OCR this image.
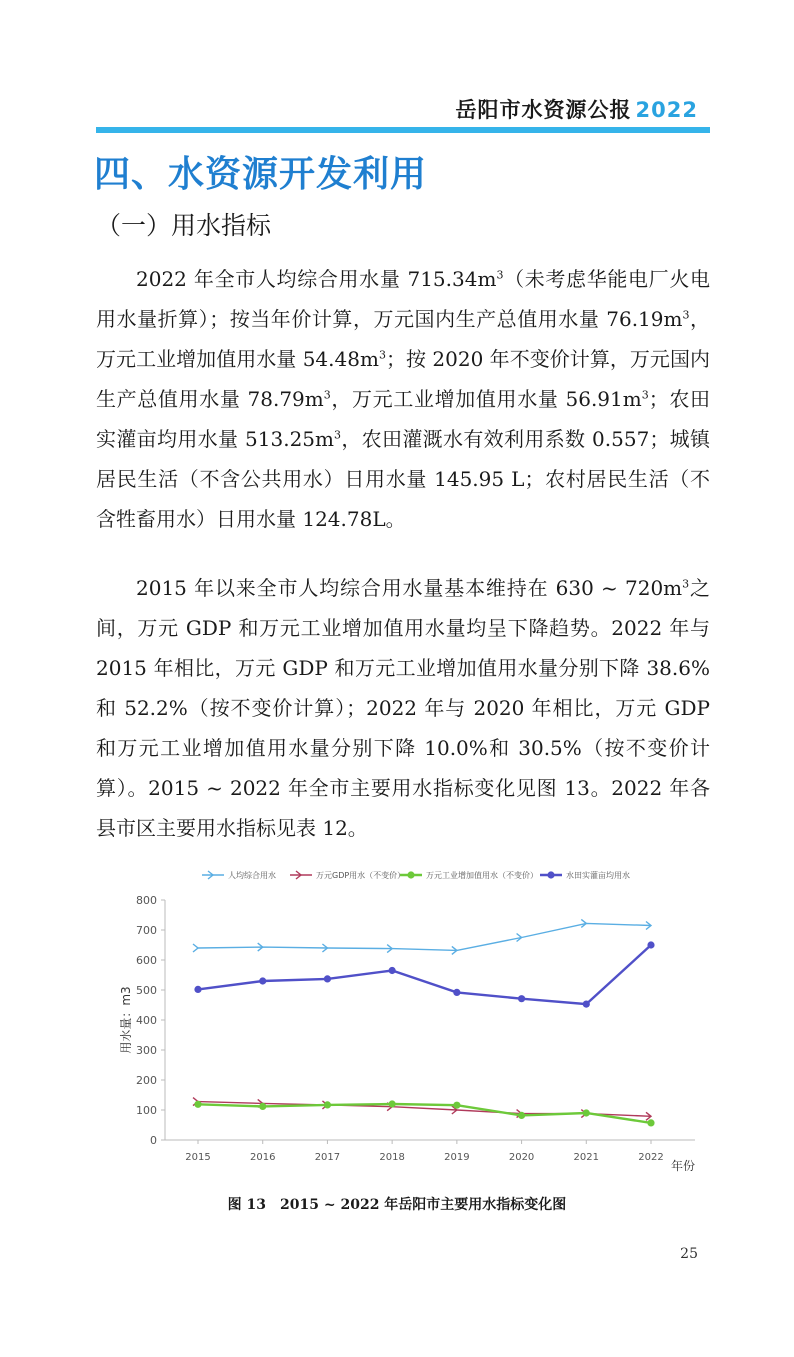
岳阳市水资源公报 2022
四、水资源开发利用
（一）用水指标

2022 年全市人均综合用水量 $715.34m^3$（未考虑华能电厂火电用水量折算）；按当年价计算，万元国内生产总值用水量 $76.19m^3$，万元工业增加值用水量 $54.48m^3$；按 2020 年不变价计算，万元国内生产总值用水量 $78.79m^3$，万元工业增加值用水量 $56.91m^3$；农田实灌亩均用水量 $513.25m^3$，农田灌溉水有效利用系数 0.557；城镇居民生活（不含公共用水）日用水量 145.95 L；农村居民生活（不含牲畜用水）日用水量 124.78L。

2015 年以来全市人均综合用水量基本维持在 630 ~ $720m^3$之间，万元 GDP 和万元工业增加值用水量均呈下降趋势。2022 年与 2015 年相比，万元 GDP 和万元工业增加值用水量分别下降 38.6%和 52.2%（按不变价计算）；2022 年与 2020 年相比，万元 GDP 和万元工业增加值用水量分别下降 10.0%和 30.5%（按不变价计算）。2015 ~ 2022 年全市主要用水指标变化见图 13。2022 年各县市区主要用水指标见表 12。

0
100
200
300
400
500
600
700
800
2015	2016	2017	2018	2019	2020	2021	2022
用水量：m3
年份
人均综合用水	万元GDP用水（不变价）	万元工业增加值用水（不变价）	水田实灌亩均用水
图 13　2015 ~ 2022 年岳阳市主要用水指标变化图
25
